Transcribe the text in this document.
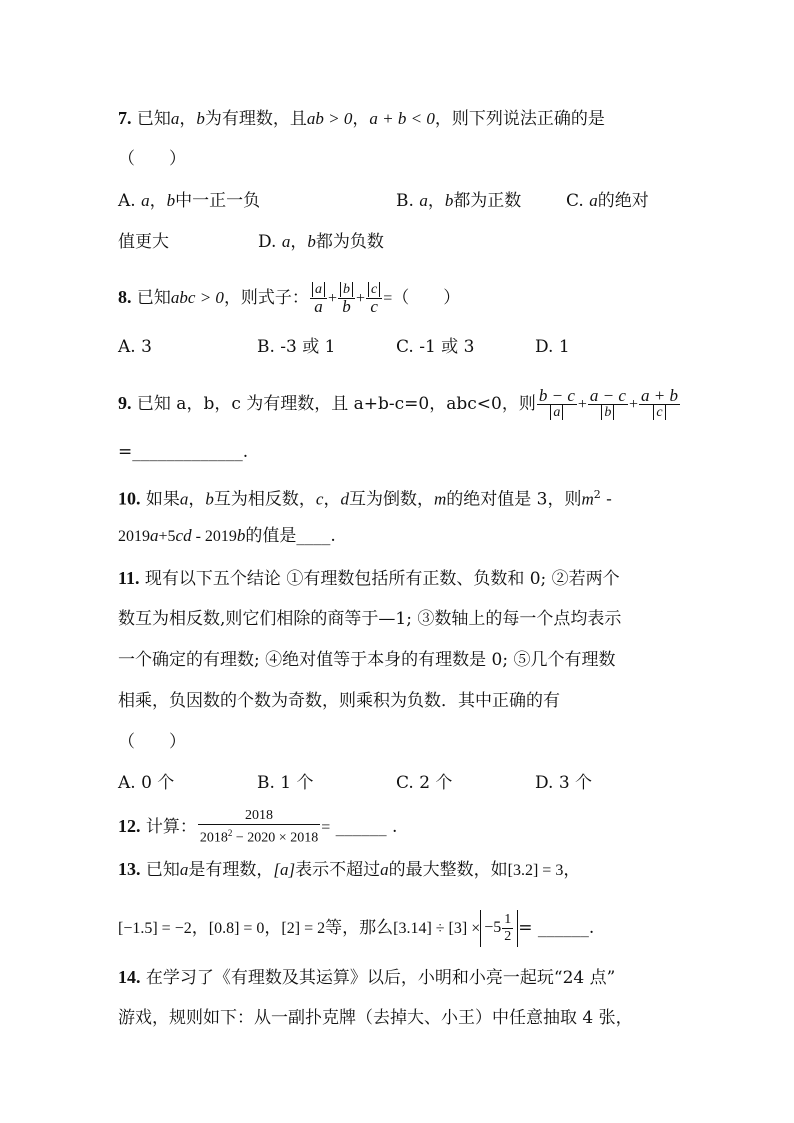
7. 已知a，b为有理数，且ab > 0，a + b < 0，则下列说法正确的是
（　　）
A. a，b中一正一负	B. a，b都为正数	C. a的绝对
值更大	D. a，b都为负数
8. 已知abc > 0，则式子： $\frac{a}{a} + \frac{b}{b} + \frac{c}{c}$ =（　　）
A. 3	B. -3 或 1	C. -1 或 3	D. 1
9. 已知 a，b，c 为有理数，且 a+b-c=0，abc<0，则 $\frac{b - c}{a} + \frac{a - c}{b} + \frac{a + b}{c}$
=_____________.
10. 如果a，b互为相反数，c，d互为倒数，m的绝对值是 3，则$m^2$ -
2019a+5cd - 2019b的值是____.
11. 现有以下五个结论 ①有理数包括所有正数、负数和 0; ②若两个
数互为相反数,则它们相除的商等于—1; ③数轴上的每一个点均表示
一个确定的有理数; ④绝对值等于本身的有理数是 0; ⑤几个有理数
相乘，负因数的个数为奇数，则乘积为负数．其中正确的有
（　　）
A. 0 个	B. 1 个	C. 2 个	D. 3 个
12. 计算： $\frac{2018}{2018^2 - 2020 \times 2018}$ = ______ .
13. 已知a是有理数，[a]表示不超过a的最大整数，如[3.2] = 3，
[−1.5] = −2，[0.8] = 0，[2] = 2等，那么$[3.14] \div [3] \times -5 \frac{1}{2}$ = ______.
14. 在学习了《有理数及其运算》以后，小明和小亮一起玩“24 点”
游戏，规则如下：从一副扑克牌（去掉大、小王）中任意抽取 4 张，
